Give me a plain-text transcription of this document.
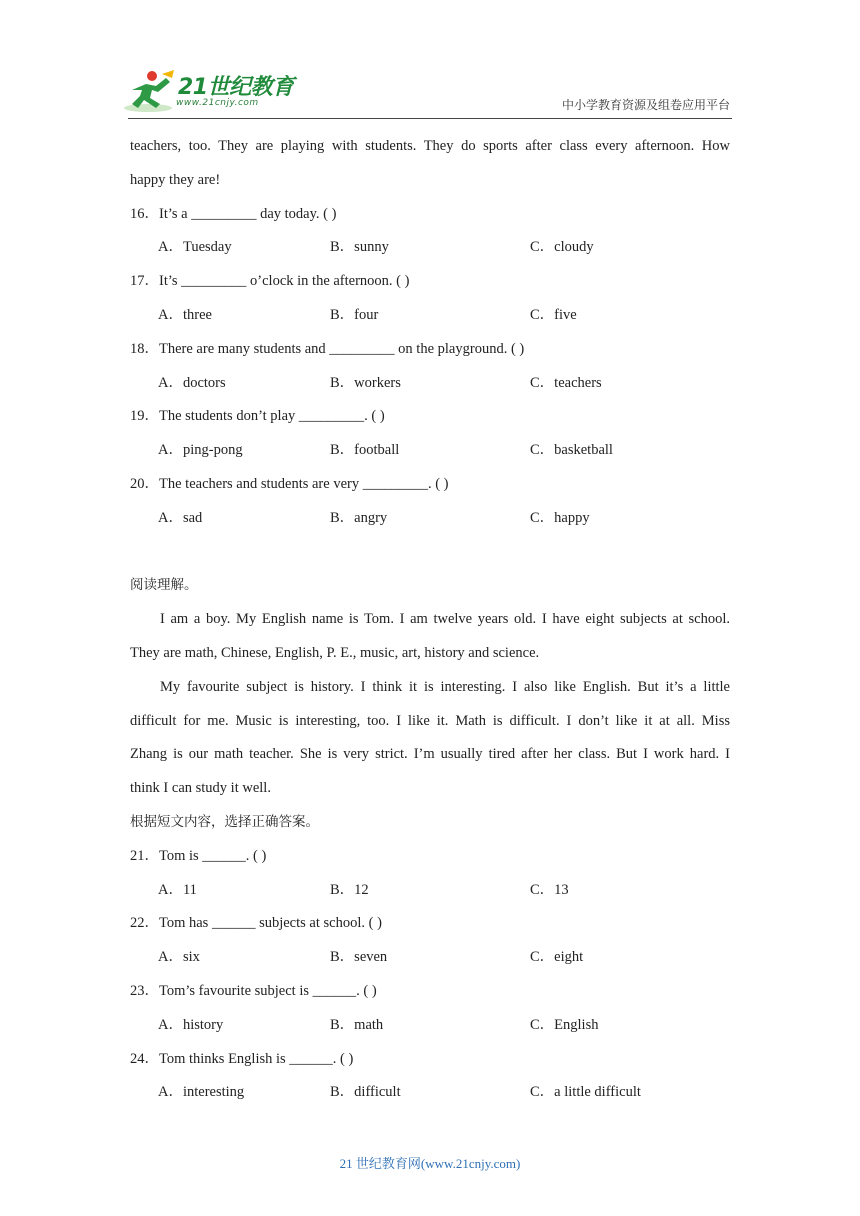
21世纪教育
www.21cnjy.com	中小学教育资源及组卷应用平台
teachers, too. They are playing with students. They do sports after class every afternoon. How
happy they are!
16．It’s a _________ day today. ( )
A．Tuesday	B．sunny	C．cloudy
17．It’s _________ o’clock in the afternoon. ( )
A．three	B．four	C．five
18．There are many students and _________ on the playground. ( )
A．doctors	B．workers	C．teachers
19．The students don’t play _________. ( )
A．ping-pong	B．football	C．basketball
20．The teachers and students are very _________. ( )
A．sad	B．angry	C．happy
阅读理解。
I am a boy. My English name is Tom. I am twelve years old. I have eight subjects at school.
They are math, Chinese, English, P. E., music, art, history and science.
My favourite subject is history. I think it is interesting. I also like English. But it’s a little
difficult for me. Music is interesting, too. I like it. Math is difficult. I don’t like it at all. Miss
Zhang is our math teacher. She is very strict. I’m usually tired after her class. But I work hard. I
think I can study it well.
根据短文内容，选择正确答案。
21．Tom is ______. ( )
A．11	B．12	C．13
22．Tom has ______ subjects at school. ( )
A．six	B．seven	C．eight
23．Tom’s favourite subject is ______. ( )
A．history	B．math	C．English
24．Tom thinks English is ______. ( )
A．interesting	B．difficult	C．a little difficult
21 世纪教育网(www.21cnjy.com)
